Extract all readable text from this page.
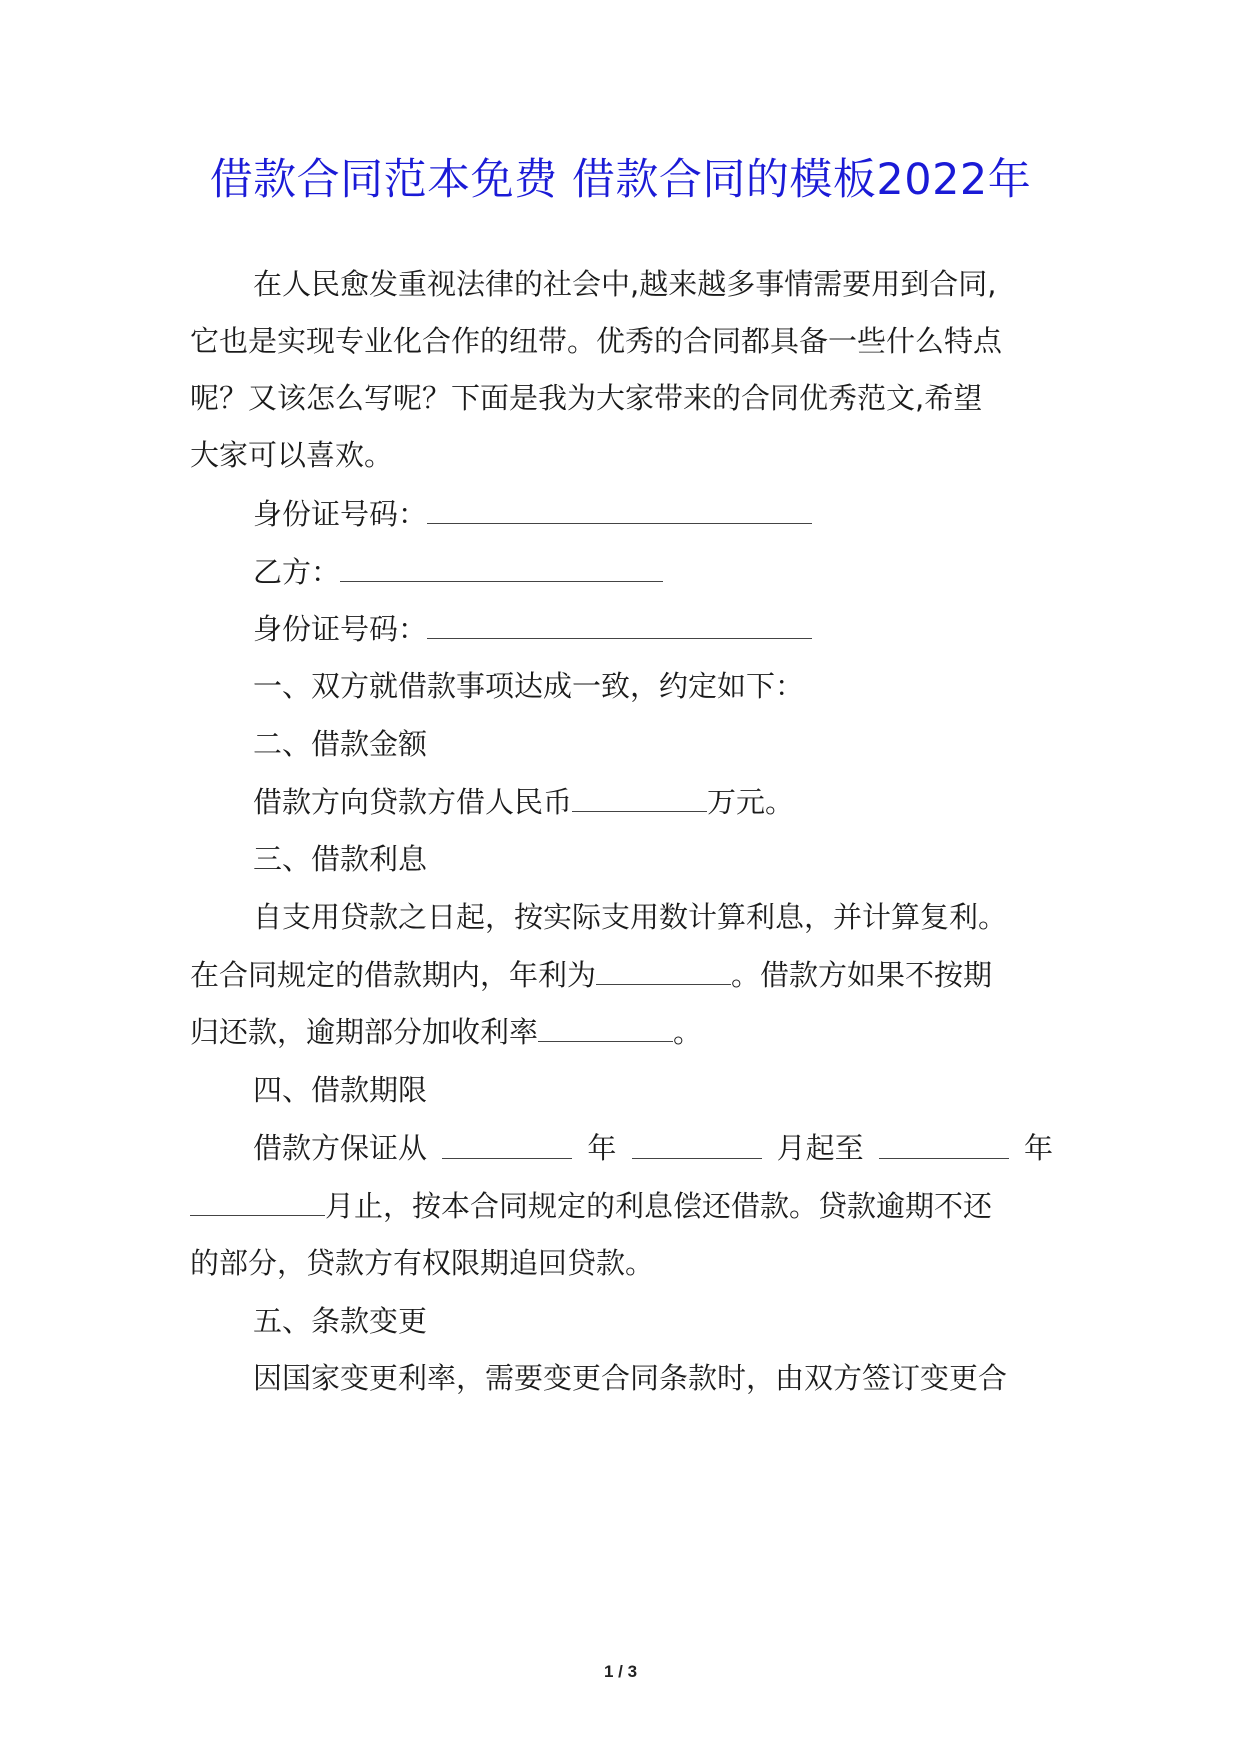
借款合同范本免费 借款合同的模板2022年
在人民愈发重视法律的社会中,越来越多事情需要用到合同,
它也是实现专业化合作的纽带。优秀的合同都具备一些什么特点
呢？又该怎么写呢？下面是我为大家带来的合同优秀范文,希望
大家可以喜欢。
身份证号码：
乙方：
身份证号码：
一、双方就借款事项达成一致，约定如下：
二、借款金额
借款方向贷款方借人民币	万元。
三、借款利息
自支用贷款之日起，按实际支用数计算利息，并计算复利。
在合同规定的借款期内，年利为	。借款方如果不按期
归还款，逾期部分加收利率	。
四、借款期限
借款方保证从	年	月起至	年
月止，按本合同规定的利息偿还借款。贷款逾期不还
的部分，贷款方有权限期追回贷款。
五、条款变更
因国家变更利率，需要变更合同条款时，由双方签订变更合
1 / 3
